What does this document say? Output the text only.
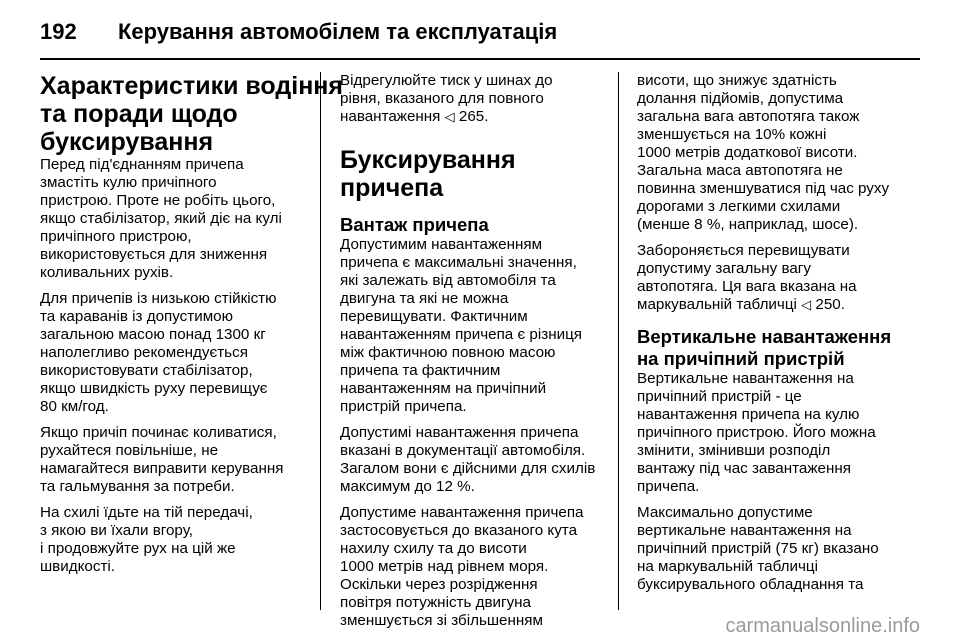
192	Керування автомобілем та експлуатація
Характеристики водіння
та поради щодо
буксирування
Перед під'єднанням причепа
змастіть кулю причіпного
пристрою. Проте не робіть цього,
якщо стабілізатор, який діє на кулі
причіпного пристрою,
використовується для зниження
коливальних рухів.
Для причепів із низькою стійкістю
та караванів із допустимою
загальною масою понад 1300 кг
наполегливо рекомендується
використовувати стабілізатор,
якщо швидкість руху перевищує
80 км/год.
Якщо причіп починає коливатися,
рухайтеся повільніше, не
намагайтеся виправити керування
та гальмування за потреби.
На схилі їдьте на тій передачі,
з якою ви їхали вгору,
і продовжуйте рух на цій же
швидкості.
Відрегулюйте тиск у шинах до
рівня, вказаного для повного
навантаження ◁ 265.
Буксирування причепа
Вантаж причепа
Допустимим навантаженням
причепа є максимальні значення,
які залежать від автомобіля та
двигуна та які не можна
перевищувати. Фактичним
навантаженням причепа є різниця
між фактичною повною масою
причепа та фактичним
навантаженням на причіпний
пристрій причепа.
Допустимі навантаження причепа
вказані в документації автомобіля.
Загалом вони є дійсними для схилів
максимум до 12 %.
Допустиме навантаження причепа
застосовується до вказаного кута
нахилу схилу та до висоти
1000 метрів над рівнем моря.
Оскільки через розрідження
повітря потужність двигуна
зменшується зі збільшенням
висоти, що знижує здатність
долання підйомів, допустима
загальна вага автопотяга також
зменшується на 10% кожні
1000 метрів додаткової висоти.
Загальна маса автопотяга не
повинна зменшуватися під час руху
дорогами з легкими схилами
(менше 8 %, наприклад, шосе).
Забороняється перевищувати
допустиму загальну вагу
автопотяга. Ця вага вказана на
маркувальній табличці ◁ 250.
Вертикальне навантаження
на причіпний пристрій
Вертикальне навантаження на
причіпний пристрій - це
навантаження причепа на кулю
причіпного пристрою. Його можна
змінити, змінивши розподіл
вантажу під час завантаження
причепа.
Максимально допустиме
вертикальне навантаження на
причіпний пристрій (75 кг) вказано
на маркувальній табличці
буксирувального обладнання та
carmanualsonline.info
